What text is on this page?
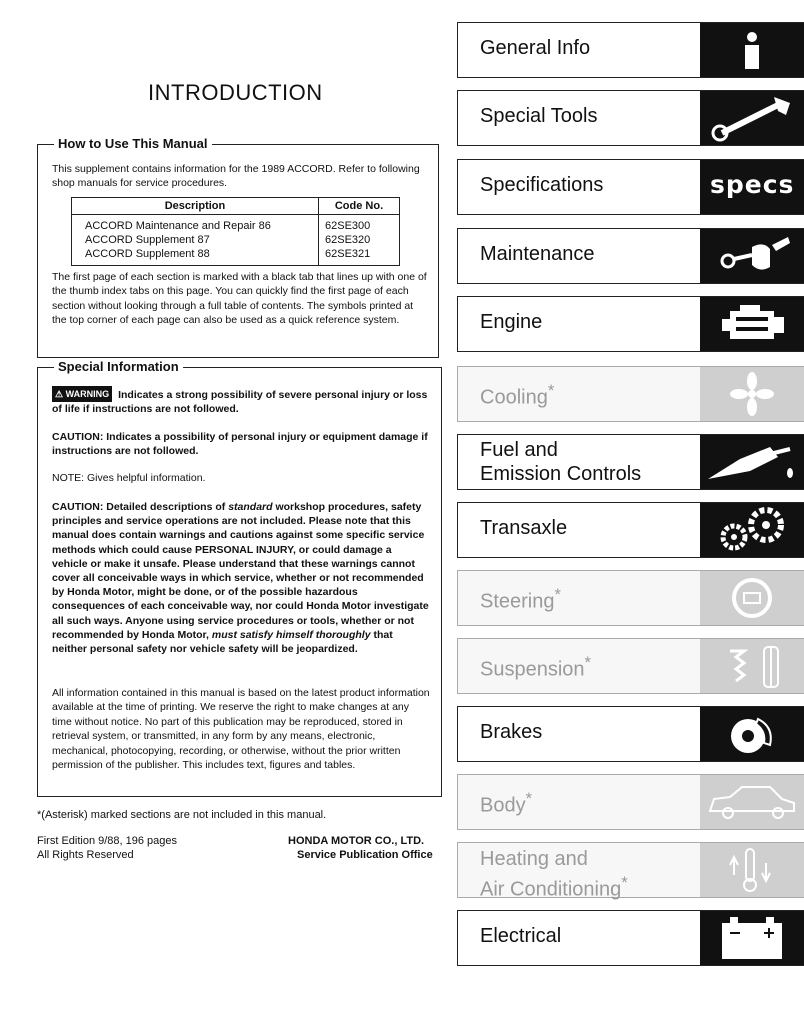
INTRODUCTION
How to Use This Manual

This supplement contains information for the 1989 ACCORD. Refer to following shop manuals for service procedures.

Description	Code No.
ACCORD Maintenance and Repair 86	62SE300
ACCORD Supplement 87	62SE320
ACCORD Supplement 88	62SE321

The first page of each section is marked with a black tab that lines up with one of the thumb index tabs on this page. You can quickly find the first page of each section without looking through a full table of contents. The symbols printed at the top corner of each page can also be used as a quick reference system.

Special Information

⚠ WARNING Indicates a strong possibility of severe personal injury or loss of life if instructions are not followed.

CAUTION: Indicates a possibility of personal injury or equipment damage if instructions are not followed.

NOTE: Gives helpful information.

CAUTION: Detailed descriptions of standard workshop procedures, safety principles and service operations are not included. Please note that this manual does contain warnings and cautions against some specific service methods which could cause PERSONAL INJURY, or could damage a vehicle or make it unsafe. Please understand that these warnings cannot cover all conceivable ways in which service, whether or not recommended by Honda Motor, might be done, or of the possible hazardous consequences of each conceivable way, nor could Honda Motor investigate all such ways. Anyone using service procedures or tools, whether or not recommended by Honda Motor, must satisfy himself thoroughly that neither personal safety nor vehicle safety will be jeopardized.

All information contained in this manual is based on the latest product information available at the time of printing. We reserve the right to make changes at any time without notice. No part of this publication may be reproduced, stored in retrieval system, or transmitted, in any form by any means, electronic, mechanical, photocopying, recording, or otherwise, without the prior written permission of the publisher. This includes text, figures and tables.

*(Asterisk) marked sections are not included in this manual.
First Edition 9/88, 196 pages
All Rights Reserved
HONDA MOTOR CO., LTD.
Service Publication Office
General Info
Special Tools
Specifications	specs
Maintenance
Engine
Cooling*
Fuel and
Emission Controls
Transaxle
Steering*
Suspension*
Brakes
Body*
Heating and
Air Conditioning*
Electrical
